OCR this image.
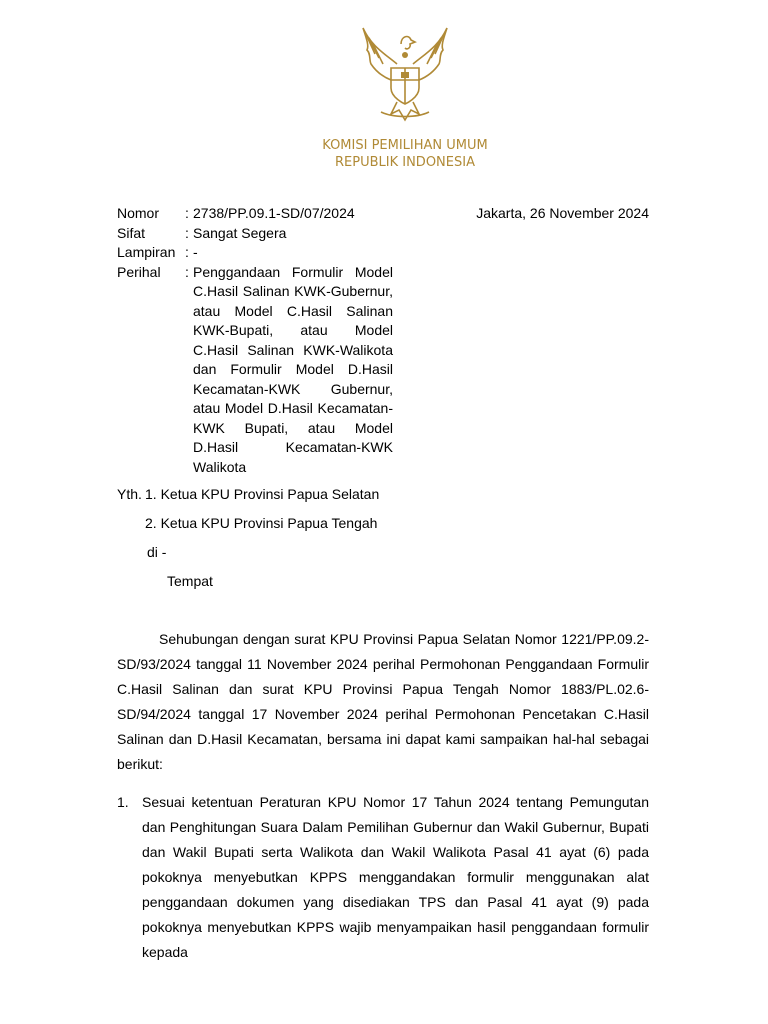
KOMISI PEMILIHAN UMUM
REPUBLIK INDONESIA
Jakarta, 26 November 2024
Nomor	: 2738/PP.09.1-SD/07/2024
Sifat	: Sangat Segera
Lampiran : -
Perihal	: Penggandaan Formulir Model C.Hasil Salinan KWK-Gubernur, atau Model C.Hasil Salinan KWK-Bupati, atau Model C.Hasil Salinan KWK-Walikota dan Formulir Model D.Hasil Kecamatan-KWK Gubernur, atau Model D.Hasil Kecamatan-KWK Bupati, atau Model D.Hasil Kecamatan-KWK Walikota
Yth. 1. Ketua KPU Provinsi Papua Selatan
2. Ketua KPU Provinsi Papua Tengah
di -
Tempat

Sehubungan dengan surat KPU Provinsi Papua Selatan Nomor 1221/PP.09.2-SD/93/2024 tanggal 11 November 2024 perihal Permohonan Penggandaan Formulir C.Hasil Salinan dan surat KPU Provinsi Papua Tengah Nomor 1883/PL.02.6-SD/94/2024 tanggal 17 November 2024 perihal Permohonan Pencetakan C.Hasil Salinan dan D.Hasil Kecamatan, bersama ini dapat kami sampaikan hal-hal sebagai berikut:

1. Sesuai ketentuan Peraturan KPU Nomor 17 Tahun 2024 tentang Pemungutan dan Penghitungan Suara Dalam Pemilihan Gubernur dan Wakil Gubernur, Bupati dan Wakil Bupati serta Walikota dan Wakil Walikota Pasal 41 ayat (6) pada pokoknya menyebutkan KPPS menggandakan formulir menggunakan alat penggandaan dokumen yang disediakan TPS dan Pasal 41 ayat (9) pada pokoknya menyebutkan KPPS wajib menyampaikan hasil penggandaan formulir kepada
